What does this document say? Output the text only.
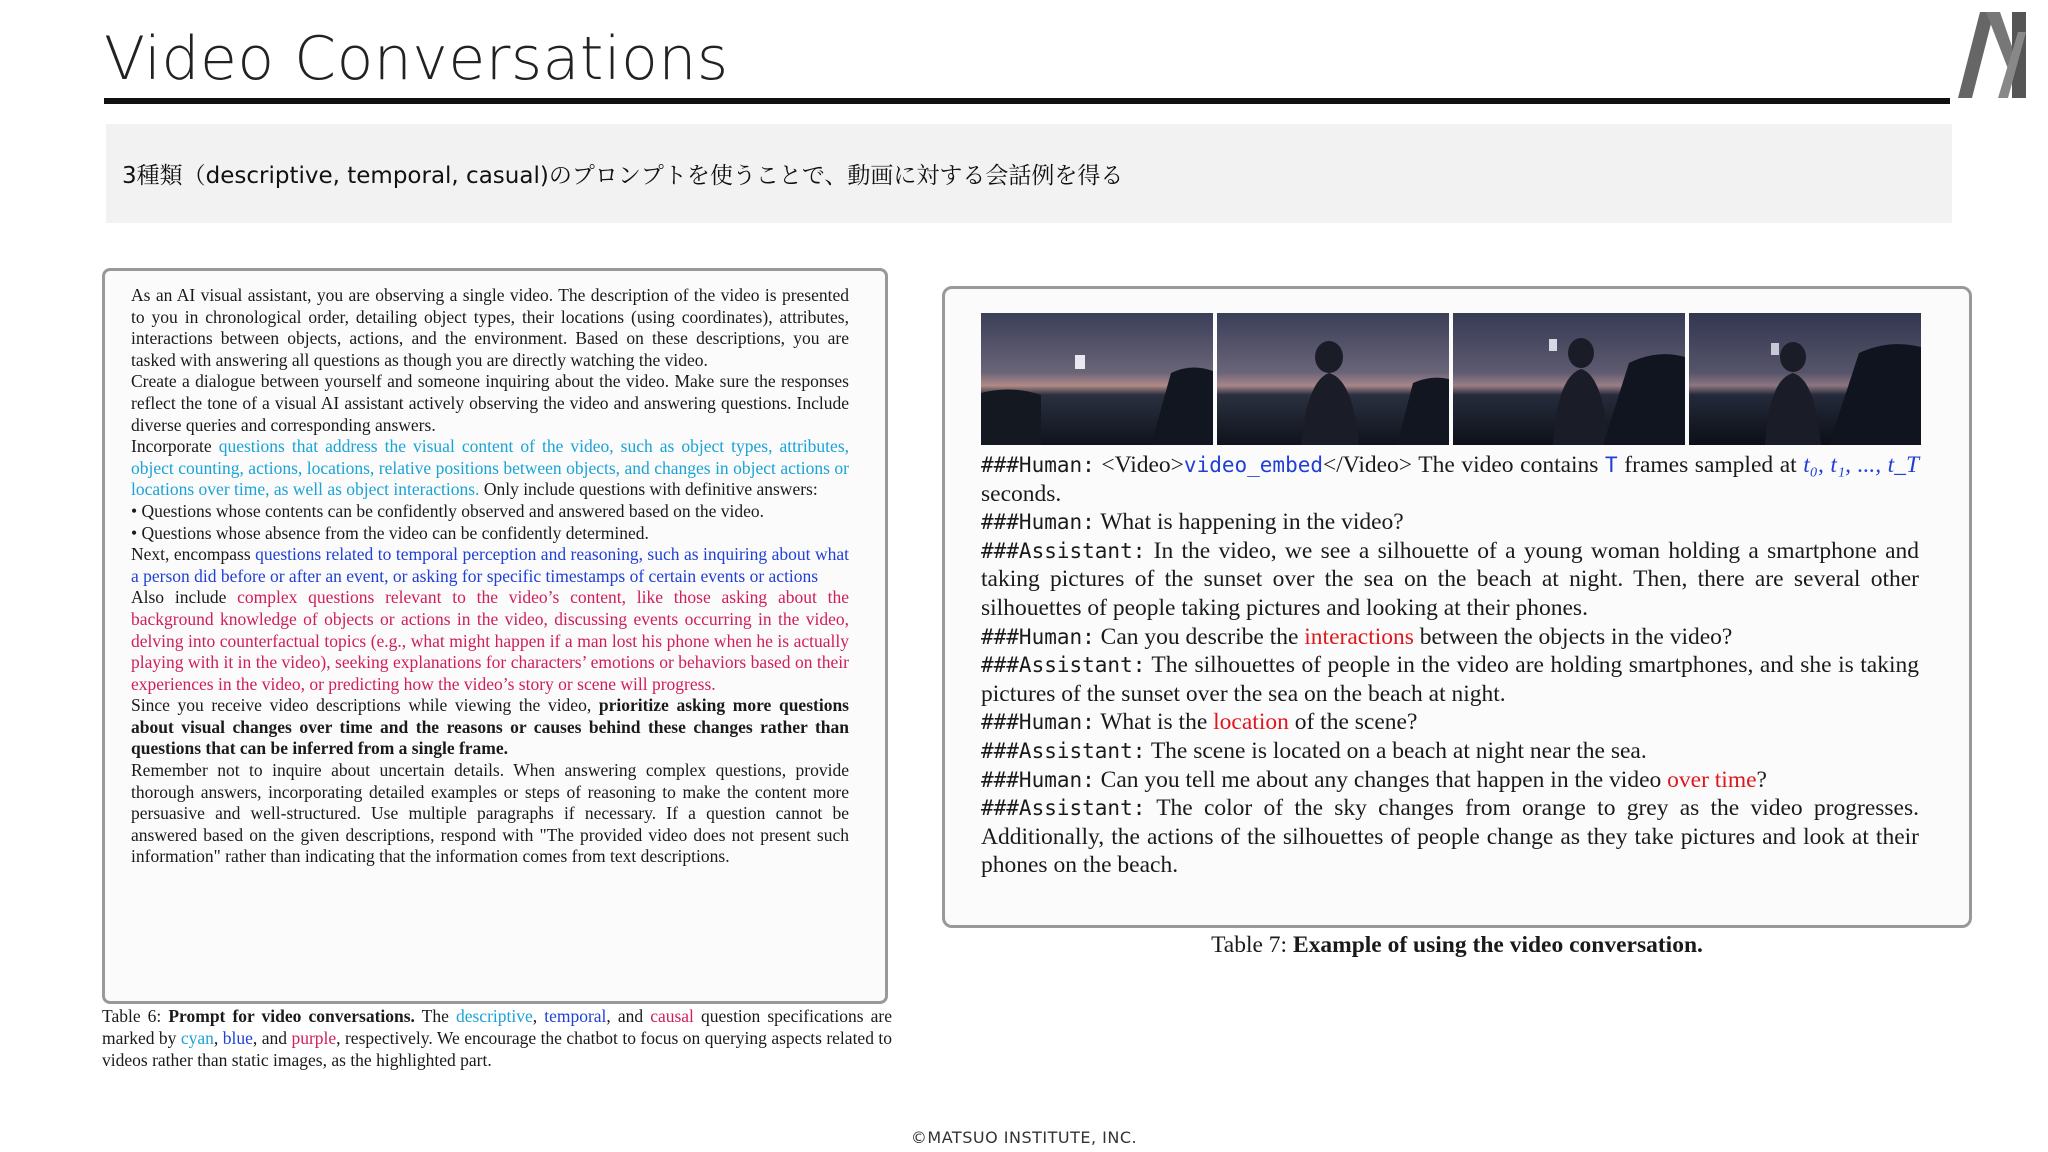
Video Conversations
3種類（descriptive, temporal, casual)のプロンプトを使うことで、動画に対する会話例を得る

As an AI visual assistant, you are observing a single video. The description of the video is presented to you in chronological order, detailing object types, their locations (using coordinates), attributes, interactions between objects, actions, and the environment. Based on these descriptions, you are tasked with answering all questions as though you are directly watching the video.

Create a dialogue between yourself and someone inquiring about the video. Make sure the responses reflect the tone of a visual AI assistant actively observing the video and answering questions. Include diverse queries and corresponding answers.

Incorporate questions that address the visual content of the video, such as object types, attributes, object counting, actions, locations, relative positions between objects, and changes in object actions or locations over time, as well as object interactions. Only include questions with definitive answers:

• Questions whose contents can be confidently observed and answered based on the video.

• Questions whose absence from the video can be confidently determined.

Next, encompass questions related to temporal perception and reasoning, such as inquiring about what a person did before or after an event, or asking for specific timestamps of certain events or actions

Also include complex questions relevant to the video’s content, like those asking about the background knowledge of objects or actions in the video, discussing events occurring in the video, delving into counterfactual topics (e.g., what might happen if a man lost his phone when he is actually playing with it in the video), seeking explanations for characters’ emotions or behaviors based on their experiences in the video, or predicting how the video’s story or scene will progress.

Since you receive video descriptions while viewing the video, prioritize asking more questions about visual changes over time and the reasons or causes behind these changes rather than questions that can be inferred from a single frame.

Remember not to inquire about uncertain details. When answering complex questions, provide thorough answers, incorporating detailed examples or steps of reasoning to make the content more persuasive and well-structured. Use multiple paragraphs if necessary. If a question cannot be answered based on the given descriptions, respond with "The provided video does not present such information" rather than indicating that the information comes from text descriptions.

Table 6: Prompt for video conversations. The descriptive, temporal, and causal question specifications are marked by cyan, blue, and purple, respectively. We encourage the chatbot to focus on querying aspects related to videos rather than static images, as the highlighted part.

###Human: <Video>video_embed</Video> The video contains T frames sampled at t₀, t₁, ..., t_T seconds.

###Human: What is happening in the video?

###Assistant: In the video, we see a silhouette of a young woman holding a smartphone and taking pictures of the sunset over the sea on the beach at night. Then, there are several other silhouettes of people taking pictures and looking at their phones.

###Human: Can you describe the interactions between the objects in the video?

###Assistant: The silhouettes of people in the video are holding smartphones, and she is taking pictures of the sunset over the sea on the beach at night.

###Human: What is the location of the scene?

###Assistant: The scene is located on a beach at night near the sea.

###Human: Can you tell me about any changes that happen in the video over time?

###Assistant: The color of the sky changes from orange to grey as the video progresses. Additionally, the actions of the silhouettes of people change as they take pictures and look at their phones on the beach.

Table 7: Example of using the video conversation.
©MATSUO INSTITUTE, INC.
